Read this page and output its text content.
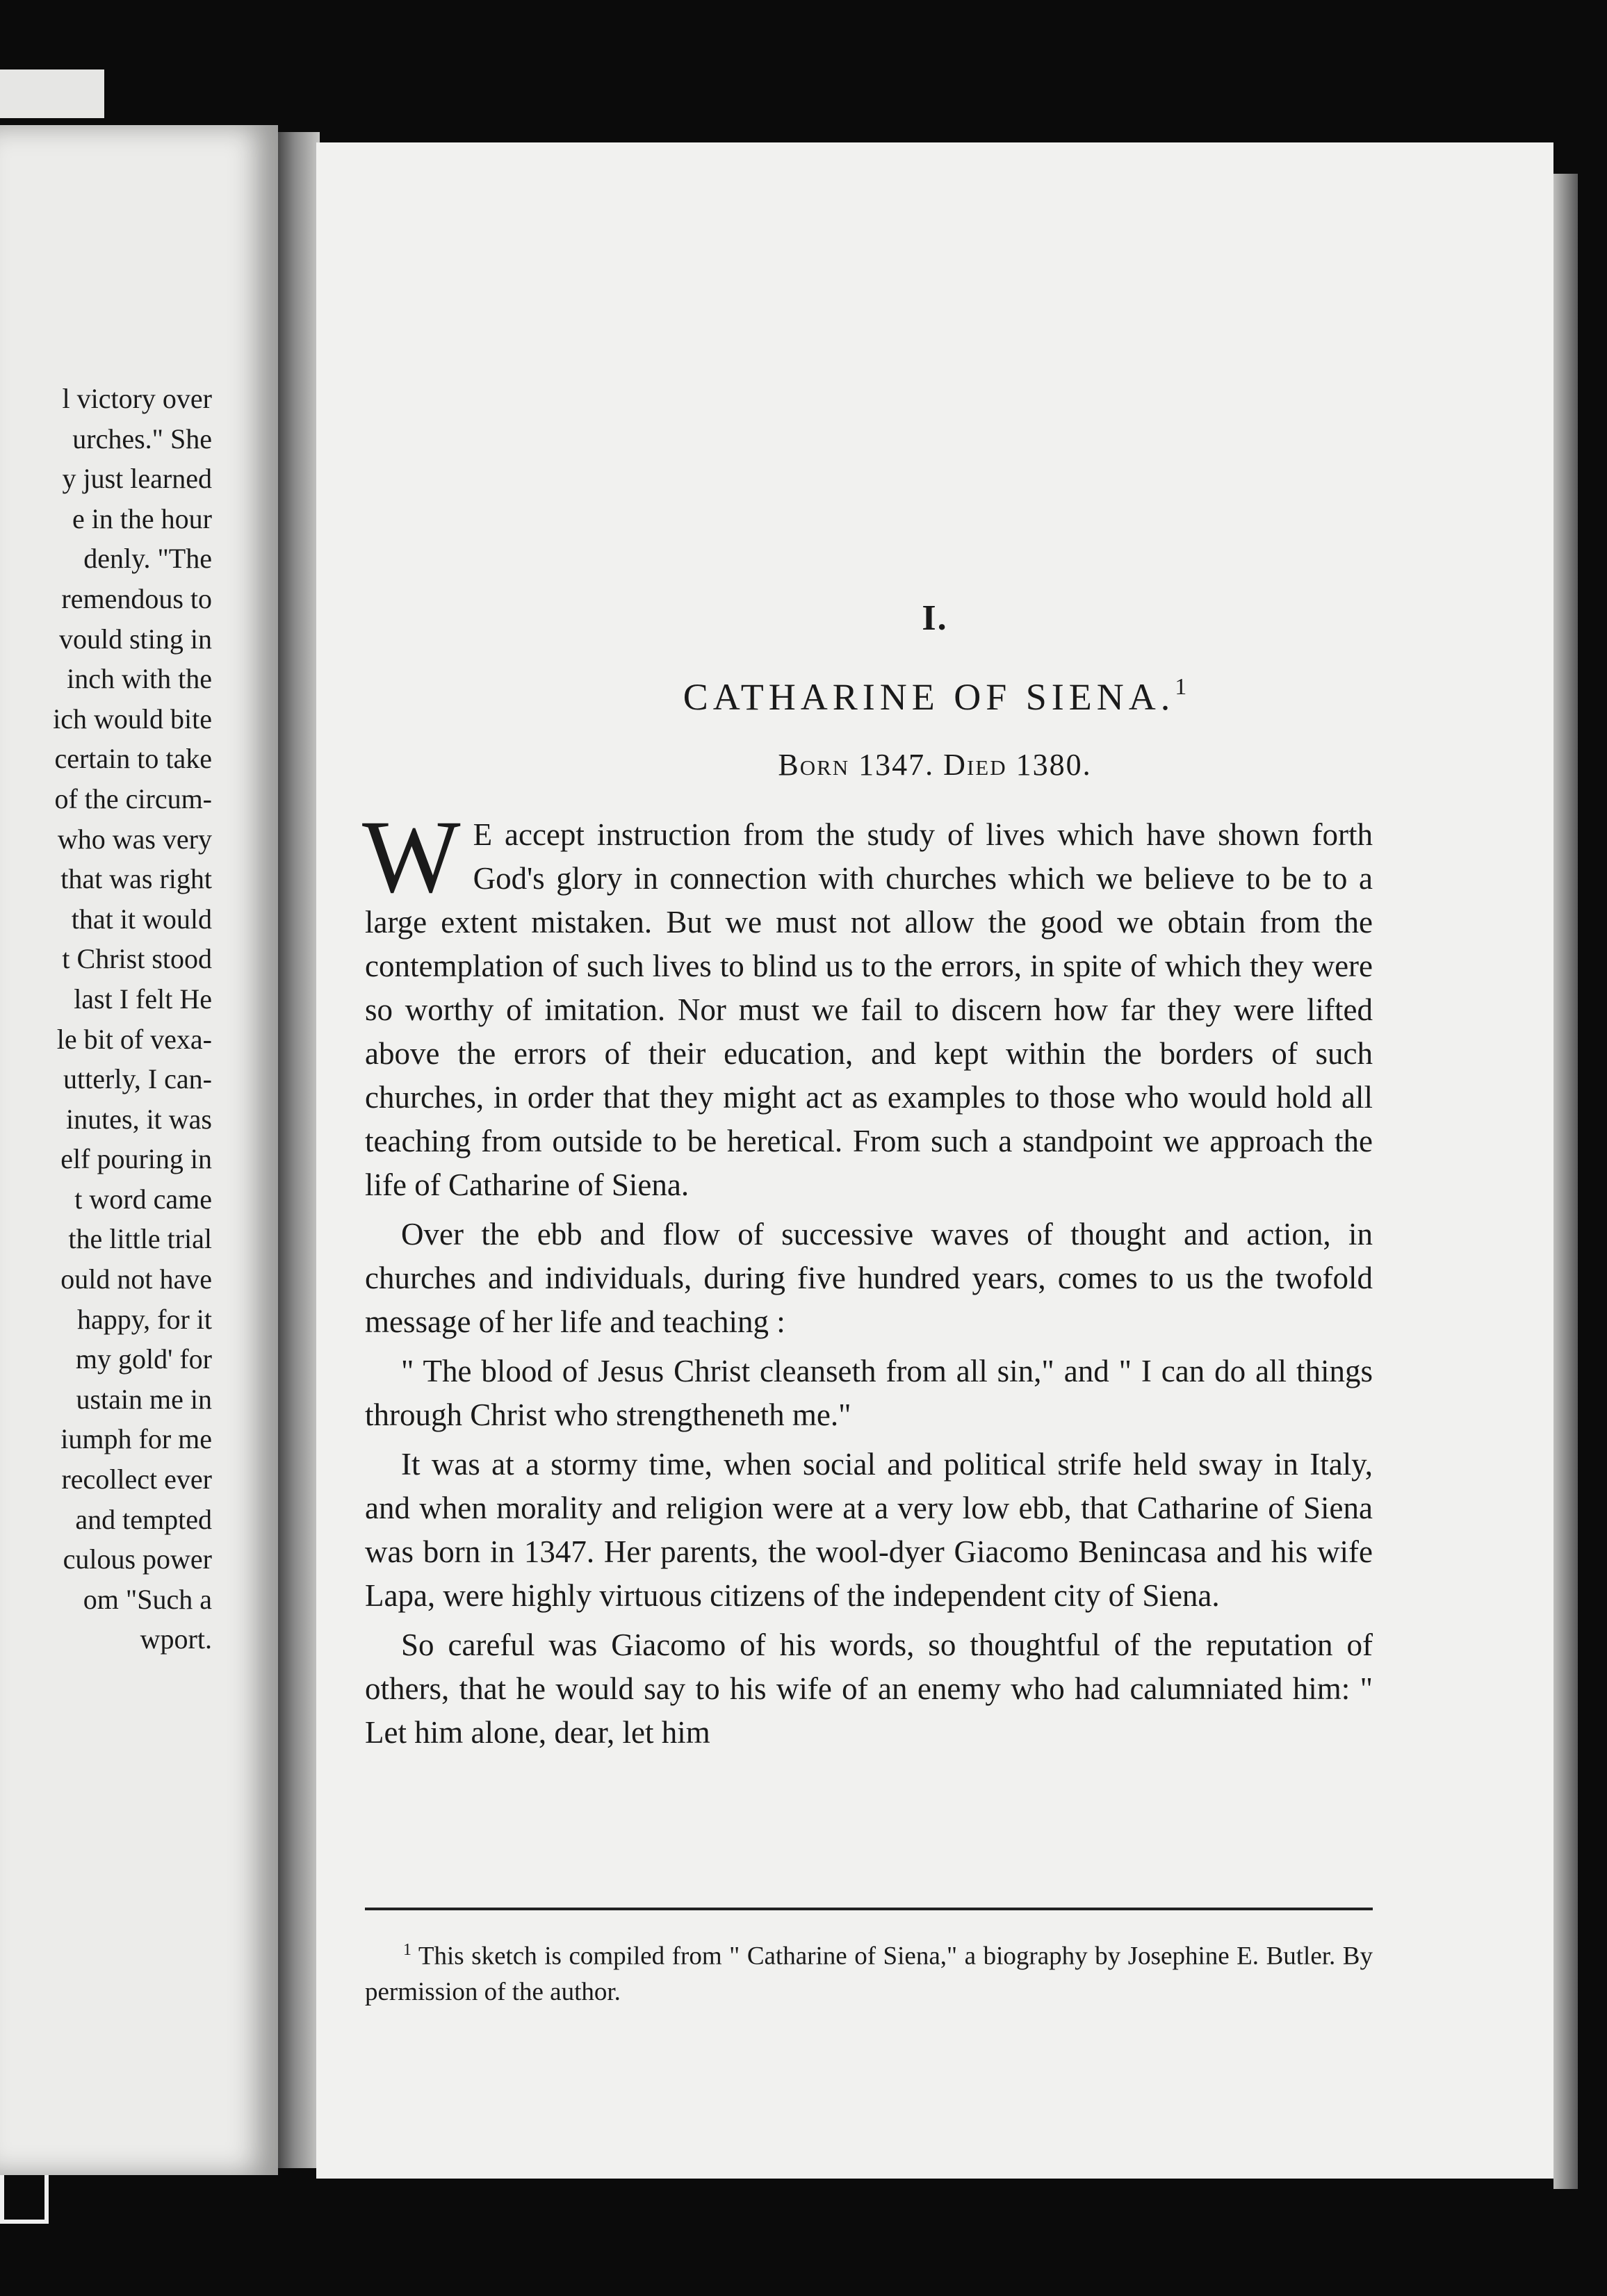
l victory over
urches." She
y just learned
e in the hour
denly. "The
remendous to
vould sting in
inch with the
ich would bite
certain to take
of the circum-
who was very
that was right
that it would
t Christ stood
last I felt He
le bit of vexa-
utterly, I can-
inutes, it was
elf pouring in
t word came
the little trial
ould not have
happy, for it
my gold' for
ustain me in
iumph for me
recollect ever
and tempted
culous power
om "Such a
wport.
I.
CATHARINE OF SIENA.$^1$
Born 1347. Died 1380.

W E accept instruction from the study of lives which have shown forth God's glory in connection with churches which we believe to be to a large extent mistaken. But we must not allow the good we obtain from the contemplation of such lives to blind us to the errors, in spite of which they were so worthy of imitation. Nor must we fail to discern how far they were lifted above the errors of their education, and kept within the borders of such churches, in order that they might act as examples to those who would hold all teaching from outside to be heretical. From such a standpoint we approach the life of Catharine of Siena.

Over the ebb and flow of successive waves of thought and action, in churches and individuals, during five hundred years, comes to us the twofold message of her life and teaching :

" The blood of Jesus Christ cleanseth from all sin," and " I can do all things through Christ who strengtheneth me."

It was at a stormy time, when social and political strife held sway in Italy, and when morality and religion were at a very low ebb, that Catharine of Siena was born in 1347. Her parents, the wool-dyer Giacomo Benincasa and his wife Lapa, were highly virtuous citizens of the independent city of Siena.

So careful was Giacomo of his words, so thoughtful of the reputation of others, that he would say to his wife of an enemy who had calumniated him: " Let him alone, dear, let him

$^1$ This sketch is compiled from " Catharine of Siena," a biography by Josephine E. Butler. By permission of the author.
